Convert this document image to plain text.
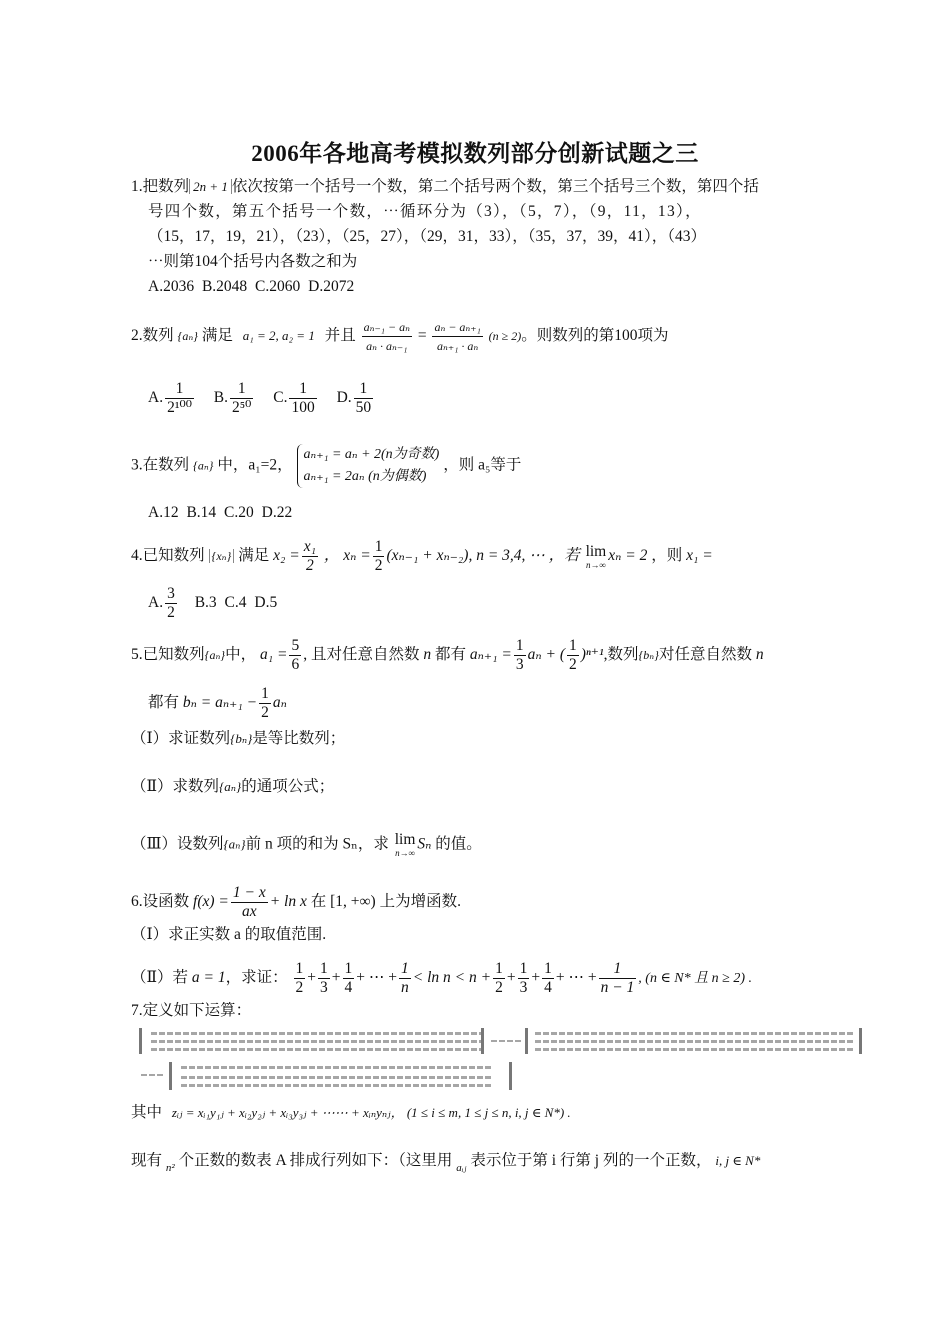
2006年各地高考模拟数列部分创新试题之三
1.把数列 2n + 1 依次按第一个括号一个数，第二个括号两个数，第三个括号三个数，第四个括
号四个数，第五个括号一个数，⋯循环分为（3），（5，7），（9，11，13），
（15，17，19，21），（23），（25，27），（29，31，33），（35，37，39，41），（43）
⋯则第104个括号内各数之和为
A.2036 B.2048 C.2060 D.2072
2.数列 {aₙ} 满足 a₁ = 2, a₂ = 1 并且 $\frac{\text{aₙ₋₁ − aₙ}}{\text{aₙ · aₙ₋₁}} = \frac{\text{aₙ − aₙ₊₁}}{\text{aₙ₊₁ · aₙ}} (n \ge 2)$。则数列的第100项为
A. $\frac{1}{\text{2¹⁰⁰}} B$. $\frac{1}{\text{2⁵⁰}} C$. $\frac{1}{100} D$. $\frac{1}{50}$
3.在数列 {aₙ} 中，a₁=2，
aₙ₊₁ = aₙ + 2(n为奇数)
aₙ₊₁ = 2aₙ (n为偶数)
，则 a₅等于
A.12 B.14 C.20 D.22
4.已知数列 {xₙ} 满足 $x_2 = \frac{\text{x₁}}{2}$ ， $x_n = \frac{1}{2} (x_{n-1} + x_{n-2})$, n = 3,4, ⋯ ，若 lim
n→∞
xₙ = 2 ，则 x₁ =
A. $\frac{3}{2} B.3$ C.4 D.5
5.已知数列{aₙ}中， $a_1 = \frac{5}{6}$ , 且对任意自然数 n 都有 $a_{n+1} = \frac{1}{3}$ aₙ + ( $\frac{1}{2} )^{n+1}$,数列{bₙ}对任意自然数 n
都有 $b_n = a_{n+1} - \frac{1}{2}$ aₙ
（Ⅰ）求证数列{bₙ}是等比数列；
（Ⅱ）求数列{aₙ}的通项公式；
（Ⅲ）设数列{aₙ}前 n 项的和为 Sₙ，求 lim
n→∞
Sₙ 的值。
6.设函数 $f(x) = \frac{1 - x}{ax} + \ln x$ 在 [1, +∞) 上为增函数.
（Ⅰ）求正实数 a 的取值范围.
（Ⅱ）若 a = 1，求证： $\frac{1}{2} + \frac{1}{3} + \frac{1}{4}$ + ⋯ + $\frac{1}{n} < \ln n < n + \frac{1}{2} + \frac{1}{3} + \frac{1}{4}$ + ⋯ + $\frac{1}{n - 1}$ , (n ∈ N* 且 n ≥ 2) .
7.定义如下运算：
其中 zᵢⱼ = xᵢ₁y₁ⱼ + xᵢ₂y₂ⱼ + xᵢ₃y₃ⱼ + ⋯⋯ + xᵢₙyₙⱼ， (1 ≤ i ≤ m, 1 ≤ j ≤ n, i, j ∈ N*) .
现有 $_{n^2}$ 个正数的数表 A 排成行列如下：（这里用 $_{aᵢⱼ}$ 表示位于第 i 行第 j 列的一个正数， i, j ∈ N*
